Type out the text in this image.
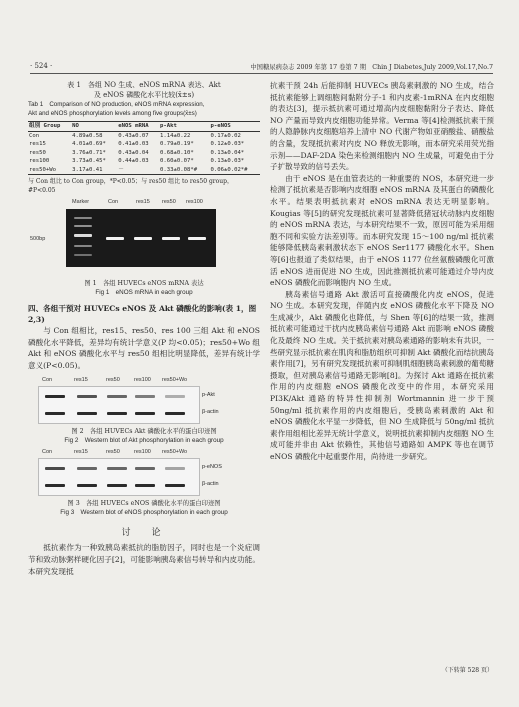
· 524 ·	中国糖尿病杂志 2009 年第 17 卷第 7 期　Chin J Diabetes,July 2009,Vol.17,No.7
表 1　各组 NO 生成、eNOS mRNA 表达、Akt
及 eNOS 磷酸化水平比较(x̄±s)
Tab 1　Comparison of NO production, eNOS mRNA expression,
Akt and eNOS phosphorylation levels among five groups(x̄±s)
组别 Group	NO	eNOS mRNA	p-Akt	p-eNOS

Con	4.89±0.58	0.43±0.07	1.14±0.22	0.17±0.02
res15	4.01±0.69*	0.41±0.03	0.79±0.19*	0.12±0.03*
res50	3.76±0.71*	0.43±0.04	0.68±0.10*	0.13±0.04*
res100	3.73±0.45*	0.44±0.03	0.60±0.07*	0.13±0.03*
res50+Wo	3.17±0.41	－	0.33±0.08*#	0.06±0.02*#
与 Con 组比 to Con group，*P<0.05；与 res50 组比 to res50 group，#P<0.05
Marker	Con	res15 res50 res100
500bp
图 1　各组 HUVECs eNOS mRNA 表达
Fig 1　eNOS mRNA in each group
四、各组干预对 HUVECs eNOS 及 Akt 磷酸化的影响(表 1，图 2,3)

与 Con 组相比，res15、res50、res 100 三组 Akt 和 eNOS 磷酸化水平降低，差异均有统计学意义(P 均<0.05)；res50+Wo 组 Akt 和 eNOS 磷酸化水平与 res50 组相比明显降低，差异有统计学意义(P<0.05)。

Con	res15	res50	res100 res50+Wo
p-Akt
β-actin
图 2　各组 HUVECs Akt 磷酸化水平的蛋白印迹图
Fig 2　Western blot of Akt phosphorylation in each group
Con	res15	res50	res100 res50+Wo
p-eNOS
β-actin
图 3　各组 HUVECs eNOS 磷酸化水平的蛋白印迹图
Fig 3　Western blot of eNOS phosphorylation in each group
讨　论

抵抗素作为一种致胰岛素抵抗的脂肪因子，同时也是一个炎症调节和致动脉粥样硬化因子[2]，可能影响胰岛素信号转导和内皮功能。本研究发现抵

抗素干预 24h 后能抑制 HUVECs 胰岛素刺激的 NO 生成，结合抵抗素能够上调细胞间黏附分子-1 和内皮素-1mRNA 在内皮细胞的表达[3]，提示抵抗素可通过增高内皮细胞黏附分子表达、降低 NO 产量而导致内皮细胞功能异常。Verma 等[4]检测抵抗素干预的人隐静脉内皮细胞培养上清中 NO 代谢产物如亚硝酸盐、硝酸盐的含量，发现抵抗素对内皮 NO 释放无影响，而本研究采用荧光指示剂——DAF-2DA 染色来检测细胞内 NO 生成量，可避免由于分子扩散导致的信号丢失。

由于 eNOS 是在血管表达的一种重要的 NOS，本研究进一步检测了抵抗素是否影响内皮细胞 eNOS mRNA 及其蛋白的磷酸化水平。结果表明抵抗素对 eNOS mRNA 表达无明显影响。Kougias 等[5]的研究发现抵抗素可显著降低猪冠状动脉内皮细胞的 eNOS mRNA 表达，与本研究结果不一致，原因可能为采用细胞不同和实验方法差别等。而本研究发现 15～100 ng/ml 抵抗素能够降低胰岛素刺激状态下 eNOS Ser1177 磷酸化水平。Shen 等[6]也报道了类似结果，由于 eNOS 1177 位丝氨酸磷酸化可激活 eNOS 进而促进 NO 生成，因此推测抵抗素可能通过介导内皮 eNOS 磷酸化而影响胞内 NO 生成。

胰岛素信号通路 Akt 激活可直接磷酸化内皮 eNOS，促进 NO 生成。本研究发现，伴随内皮 eNOS 磷酸化水平下降及 NO 生成减少，Akt 磷酸化也降低，与 Shen 等[6]的结果一致，推测抵抗素可能通过干扰内皮胰岛素信号通路 Akt 而影响 eNOS 磷酸化及最终 NO 生成。关于抵抗素对胰岛素通路的影响未有共识，一些研究显示抵抗素在肌肉和脂肪组织可抑制 Akt 磷酸化而结抗胰岛素作用[7]，另有研究发现抵抗素可抑制肌细胞胰岛素刺激的葡萄糖摄取，但对胰岛素信号通路无影响[8]。为探讨 Akt 通路在抵抗素作用的内皮细胞 eNOS 磷酸化改变中的作用，本研究采用 PI3K/Akt 通路的特异性抑制剂 Wortmannin 进一步于预 50ng/ml 抵抗素作用的内皮细胞后，受胰岛素刺激的 Akt 和 eNOS 磷酸化水平显一步降低，但 NO 生成降低与 50ng/ml 抵抗素作用组相比差异无统计学意义，说明抵抗素抑制内皮细胞 NO 生成可能并非由 Akt 依赖性，其他信号通路如 AMPK 等也在调节 eNOS 磷酸化中起重要作用，尚待进一步研究。

（下转第 528 页）
